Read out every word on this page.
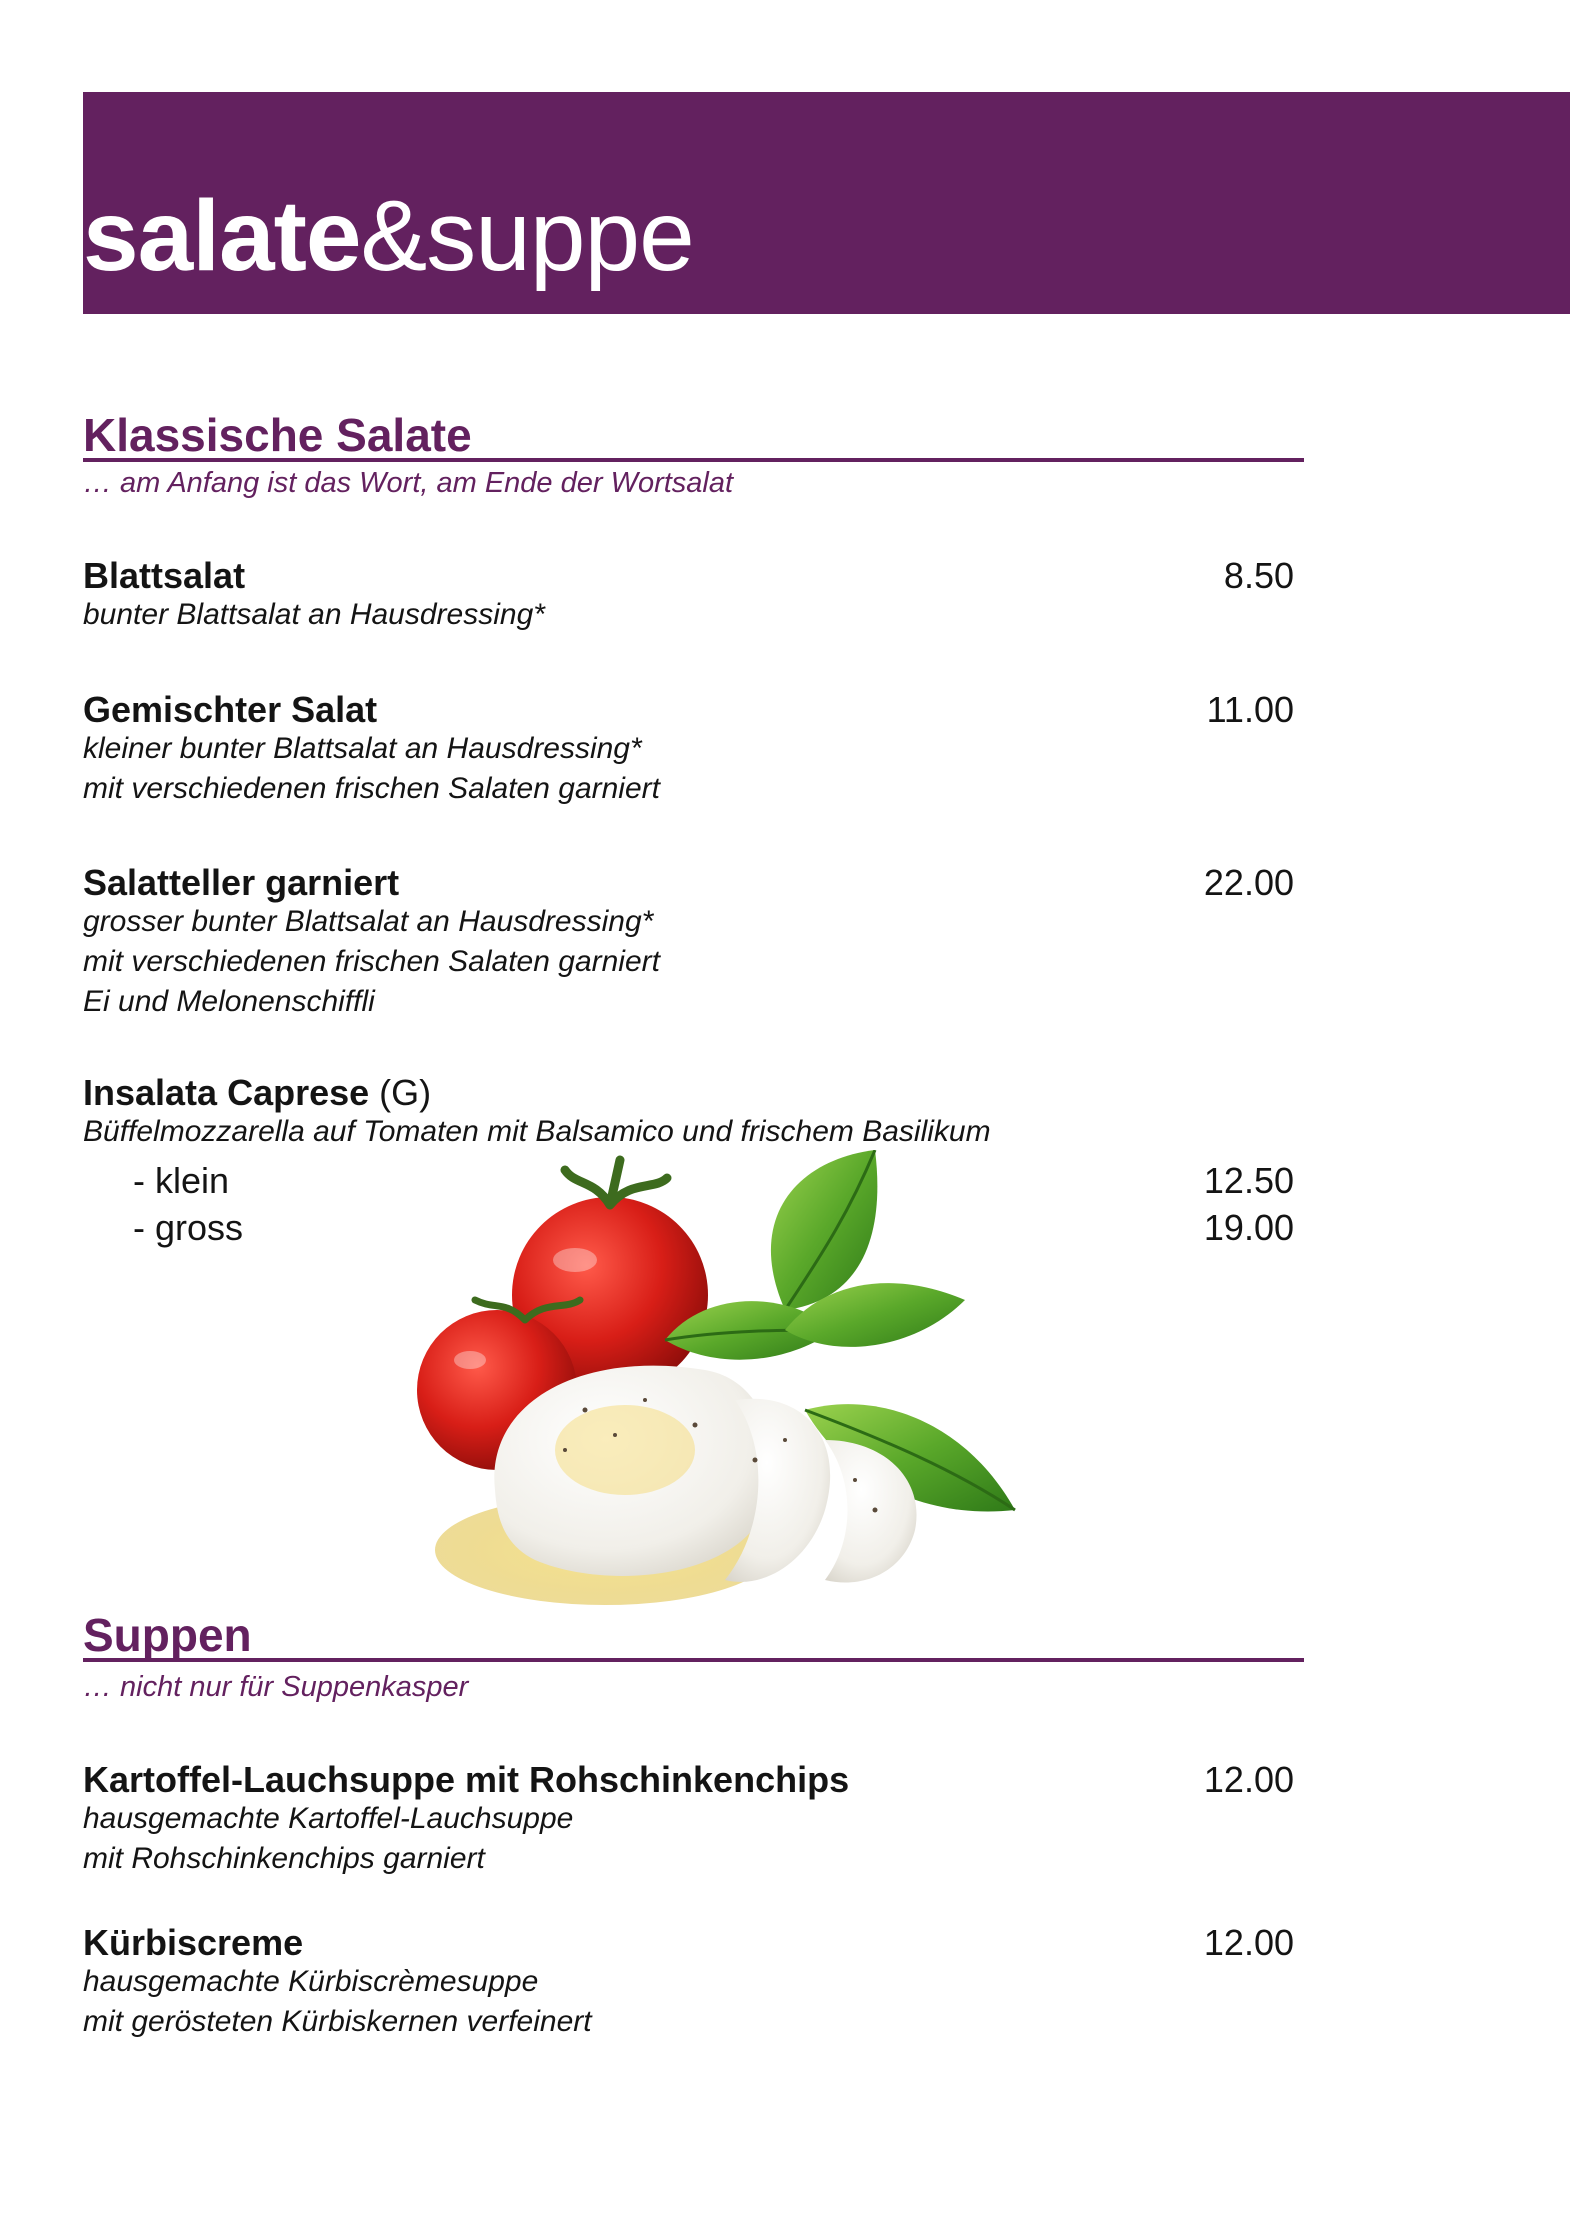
salate&suppe
Klassische Salate
… am Anfang ist das Wort, am Ende der Wortsalat
Blattsalat	8.50
bunter Blattsalat an Hausdressing*
Gemischter Salat	11.00
kleiner bunter Blattsalat an Hausdressing*
mit verschiedenen frischen Salaten garniert
Salatteller garniert	22.00
grosser bunter Blattsalat an Hausdressing*
mit verschiedenen frischen Salaten garniert
Ei und Melonenschiffli
Insalata Caprese (G)
Büffelmozzarella auf Tomaten mit Balsamico und frischem Basilikum
- klein	12.50
- gross	19.00
Suppen
… nicht nur für Suppenkasper
Kartoffel-Lauchsuppe mit Rohschinkenchips	12.00
hausgemachte Kartoffel-Lauchsuppe
mit Rohschinkenchips garniert
Kürbiscreme	12.00
hausgemachte Kürbiscrèmesuppe
mit gerösteten Kürbiskernen verfeinert
